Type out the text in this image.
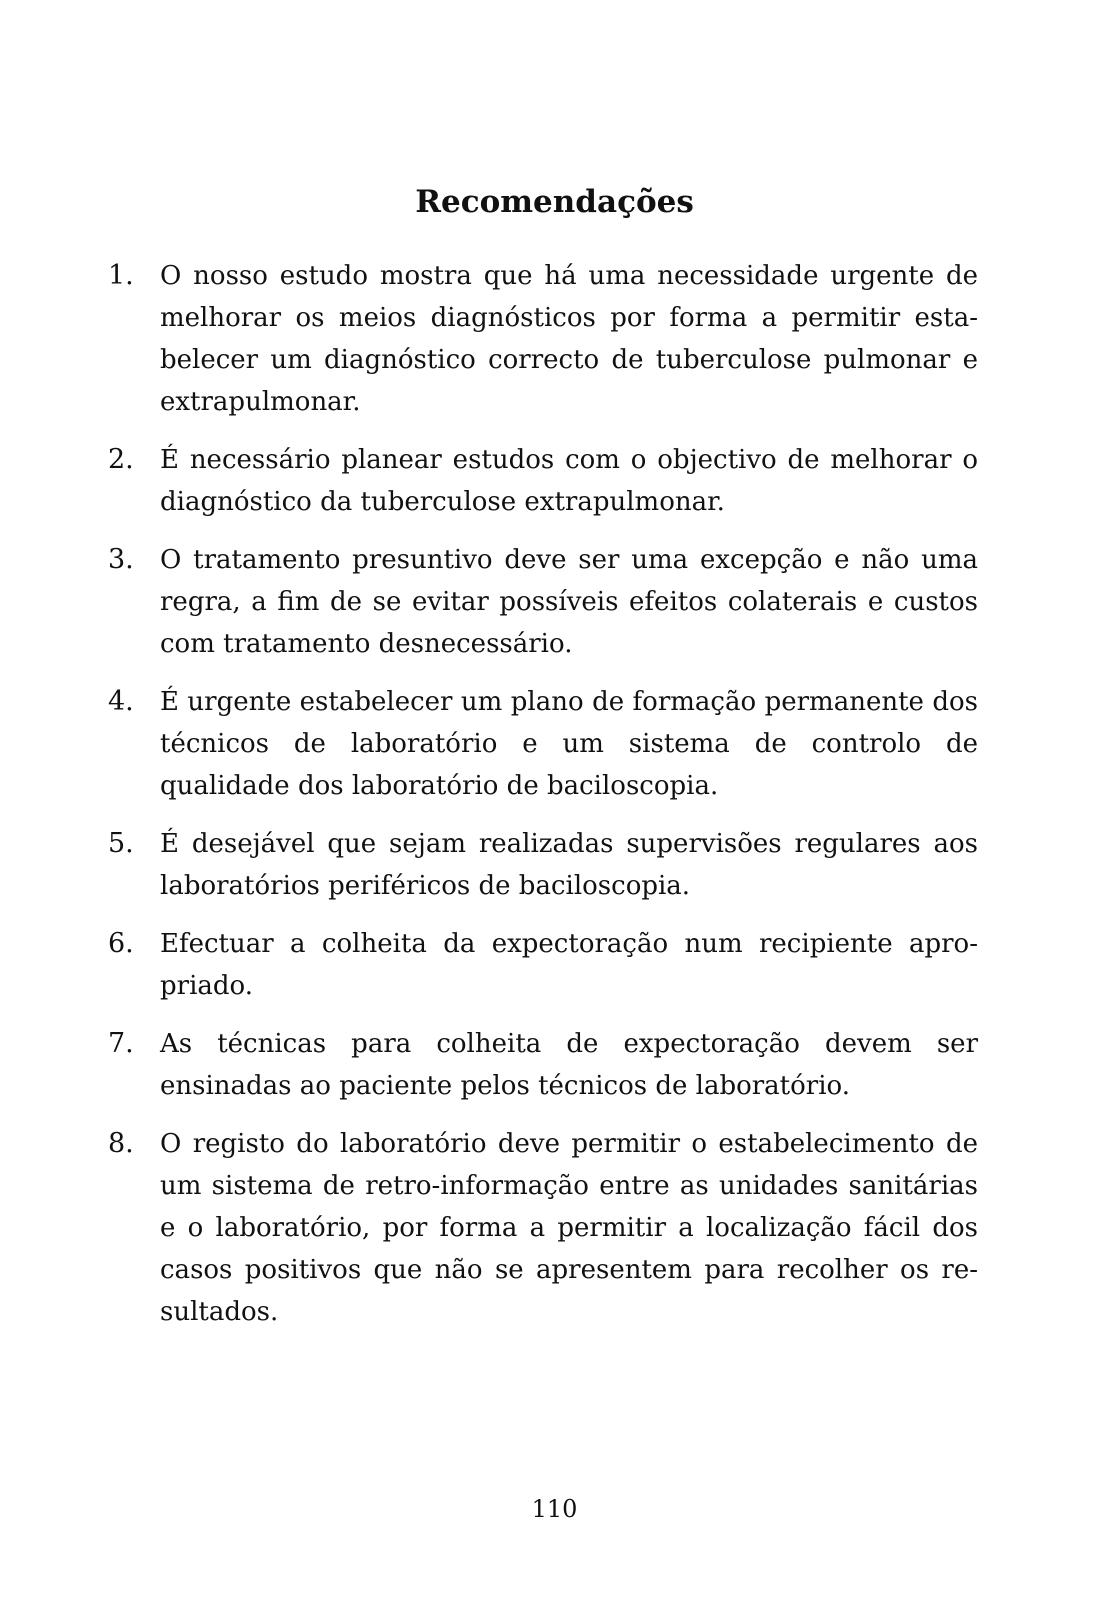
Recomendações
1.	O nosso estudo mostra que há uma necessidade urgente de melhorar os meios diagnósticos por forma a permitir esta-belecer um diagnóstico correcto de tuberculose pulmonar e extrapulmonar.
2.	É necessário planear estudos com o objectivo de melhorar o diagnóstico da tuberculose extrapulmonar.
3.	O tratamento presuntivo deve ser uma excepção e não uma regra, a fim de se evitar possíveis efeitos colaterais e custos com tratamento desnecessário.
4.	É urgente estabelecer um plano de formação permanente dos técnicos de laboratório e um sistema de controlo de qualidade dos laboratório de baciloscopia.
5.	É desejável que sejam realizadas supervisões regulares aos laboratórios periféricos de baciloscopia.
6.	Efectuar a colheita da expectoração num recipiente apro-priado.
7.	As técnicas para colheita de expectoração devem ser ensinadas ao paciente pelos técnicos de laboratório.
8.	O registo do laboratório deve permitir o estabelecimento de um sistema de retro-informação entre as unidades sanitárias e o laboratório, por forma a permitir a localização fácil dos casos positivos que não se apresentem para recolher os re-sultados.
110
